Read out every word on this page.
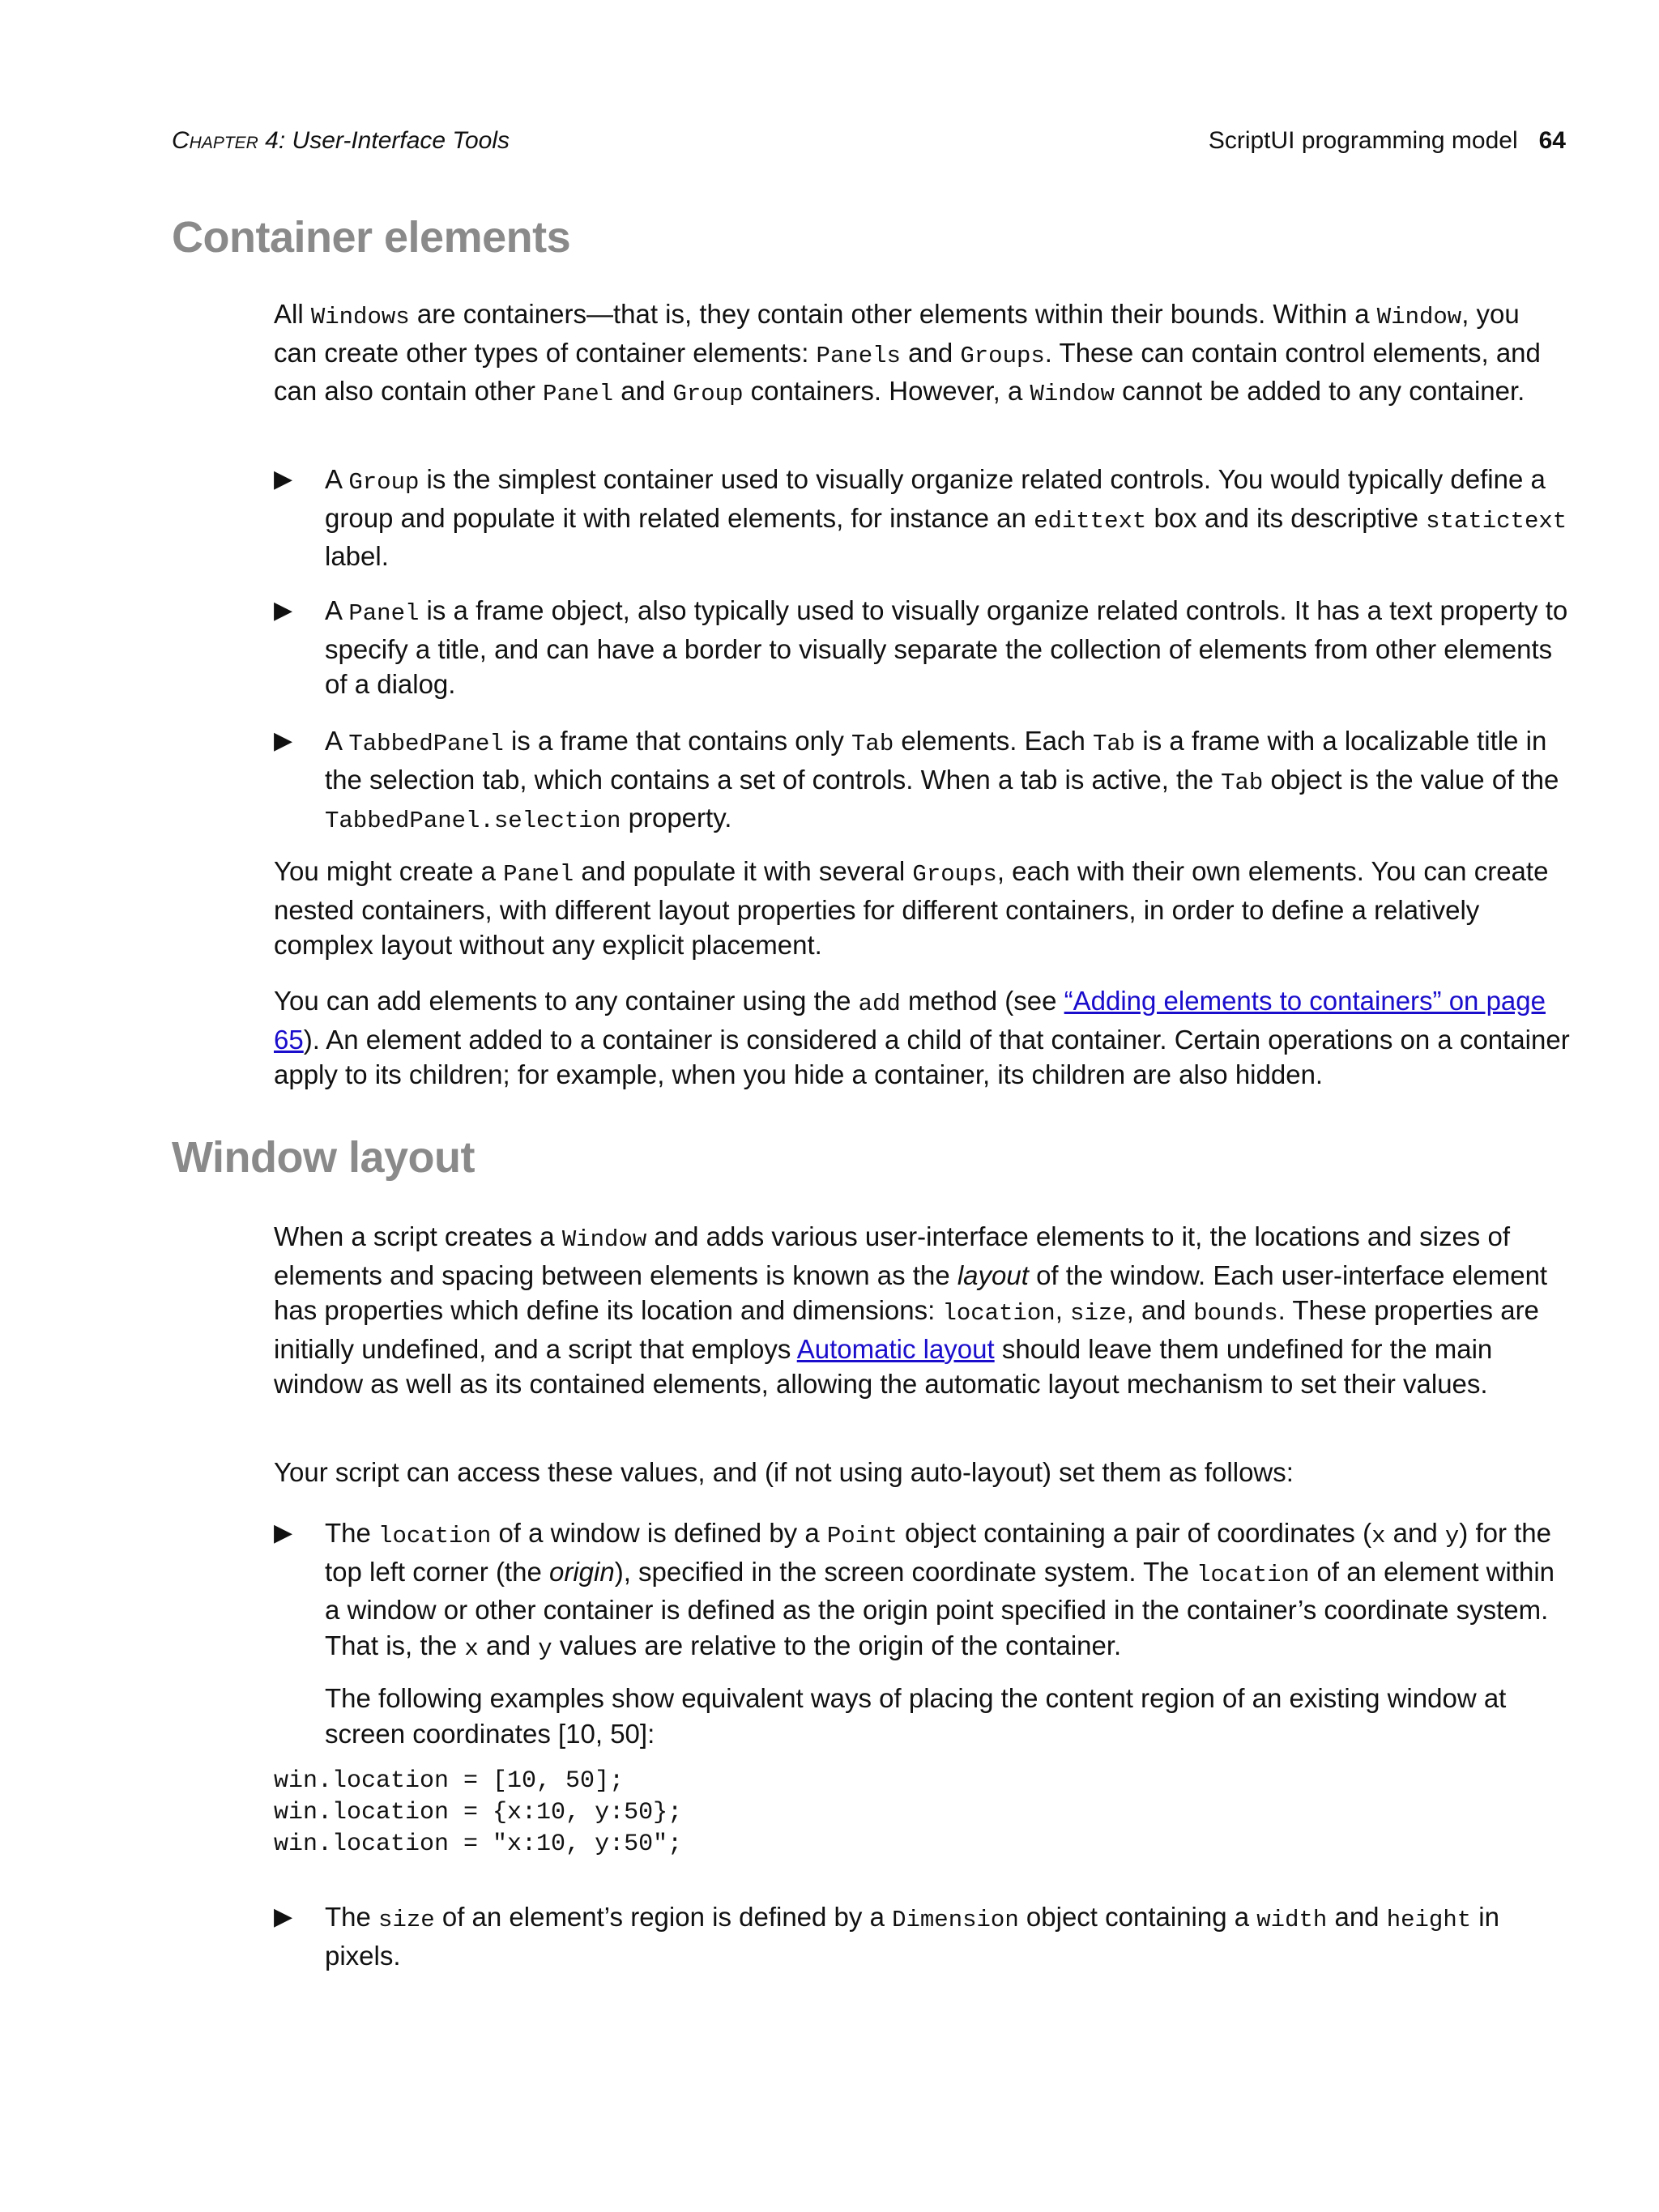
Chapter 4: User-Interface Tools	ScriptUI programming model 64
Container elements

All Windows are containers—that is, they contain other elements within their bounds. Within a Window, you can create other types of container elements: Panels and Groups. These can contain control elements, and can also contain other Panel and Group containers. However, a Window cannot be added to any container.

▶ A Group is the simplest container used to visually organize related controls. You would typically define a group and populate it with related elements, for instance an edittext box and its descriptive statictext label.

▶ A Panel is a frame object, also typically used to visually organize related controls. It has a text property to specify a title, and can have a border to visually separate the collection of elements from other elements of a dialog.

▶ A TabbedPanel is a frame that contains only Tab elements. Each Tab is a frame with a localizable title in the selection tab, which contains a set of controls. When a tab is active, the Tab object is the value of the TabbedPanel.selection property.

You might create a Panel and populate it with several Groups, each with their own elements. You can create nested containers, with different layout properties for different containers, in order to define a relatively complex layout without any explicit placement.

You can add elements to any container using the add method (see “Adding elements to containers” on page 65). An element added to a container is considered a child of that container. Certain operations on a container apply to its children; for example, when you hide a container, its children are also hidden.

Window layout

When a script creates a Window and adds various user-interface elements to it, the locations and sizes of elements and spacing between elements is known as the layout of the window. Each user-interface element has properties which define its location and dimensions: location, size, and bounds. These properties are initially undefined, and a script that employs Automatic layout should leave them undefined for the main window as well as its contained elements, allowing the automatic layout mechanism to set their values.

Your script can access these values, and (if not using auto-layout) set them as follows:

▶ The location of a window is defined by a Point object containing a pair of coordinates (x and y) for the top left corner (the origin), specified in the screen coordinate system. The location of an element within a window or other container is defined as the origin point specified in the container’s coordinate system. That is, the x and y values are relative to the origin of the container.

The following examples show equivalent ways of placing the content region of an existing window at screen coordinates [10, 50]:

win.location = [10, 50];
win.location = {x:10, y:50};
win.location = "x:10, y:50";
▶ The size of an element’s region is defined by a Dimension object containing a width and height in pixels.
